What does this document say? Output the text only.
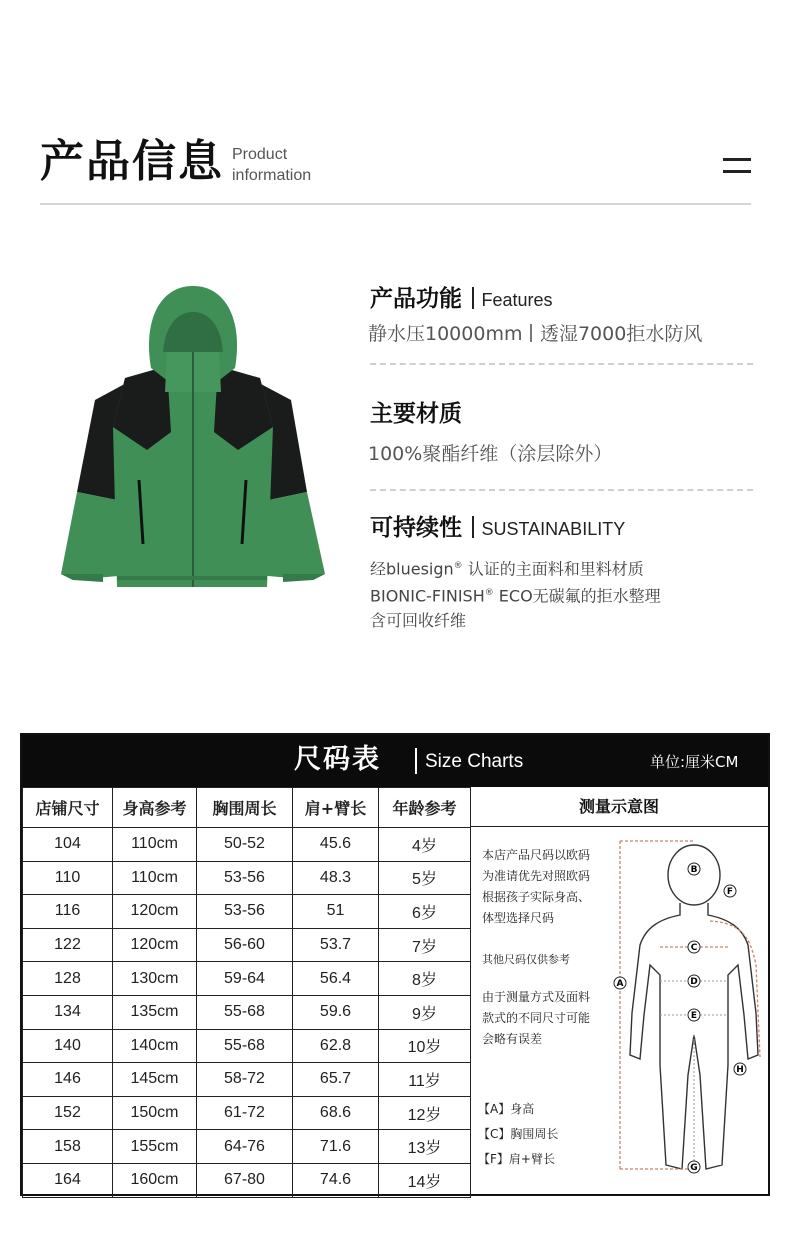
产品信息 Product
information
产品功能 Features
静水压10000mm 透湿7000拒水防风
主要材质
100%聚酯纤维（涂层除外）
可持续性 SUSTAINABILITY
经bluesign® 认证的主面料和里料材质
BIONIC-FINISH® ECO无碳氟的拒水整理
含可回收纤维
尺码表 Size Charts	单位:厘米CM
店铺尺寸	身高参考	胸围周长	肩+臂长	年龄参考
104	110cm	50-52	45.6	4岁
110	110cm	53-56	48.3	5岁
116	120cm	53-56	51	6岁
122	120cm	56-60	53.7	7岁
128	130cm	59-64	56.4	8岁
134	135cm	55-68	59.6	9岁
140	140cm	55-68	62.8	10岁
146	145cm	58-72	65.7	11岁
152	150cm	61-72	68.6	12岁
158	155cm	64-76	71.6	13岁
164	160cm	67-80	74.6	14岁
测量示意图

本店产品尺码以欧码

为准请优先对照欧码

根据孩子实际身高、

体型选择尺码

其他尺码仅供参考

由于测量方式及面料

款式的不同尺寸可能

会略有误差

【A】身高

【C】胸围周长

【F】肩+臂长

A
B
C
D
E
F
G
H
